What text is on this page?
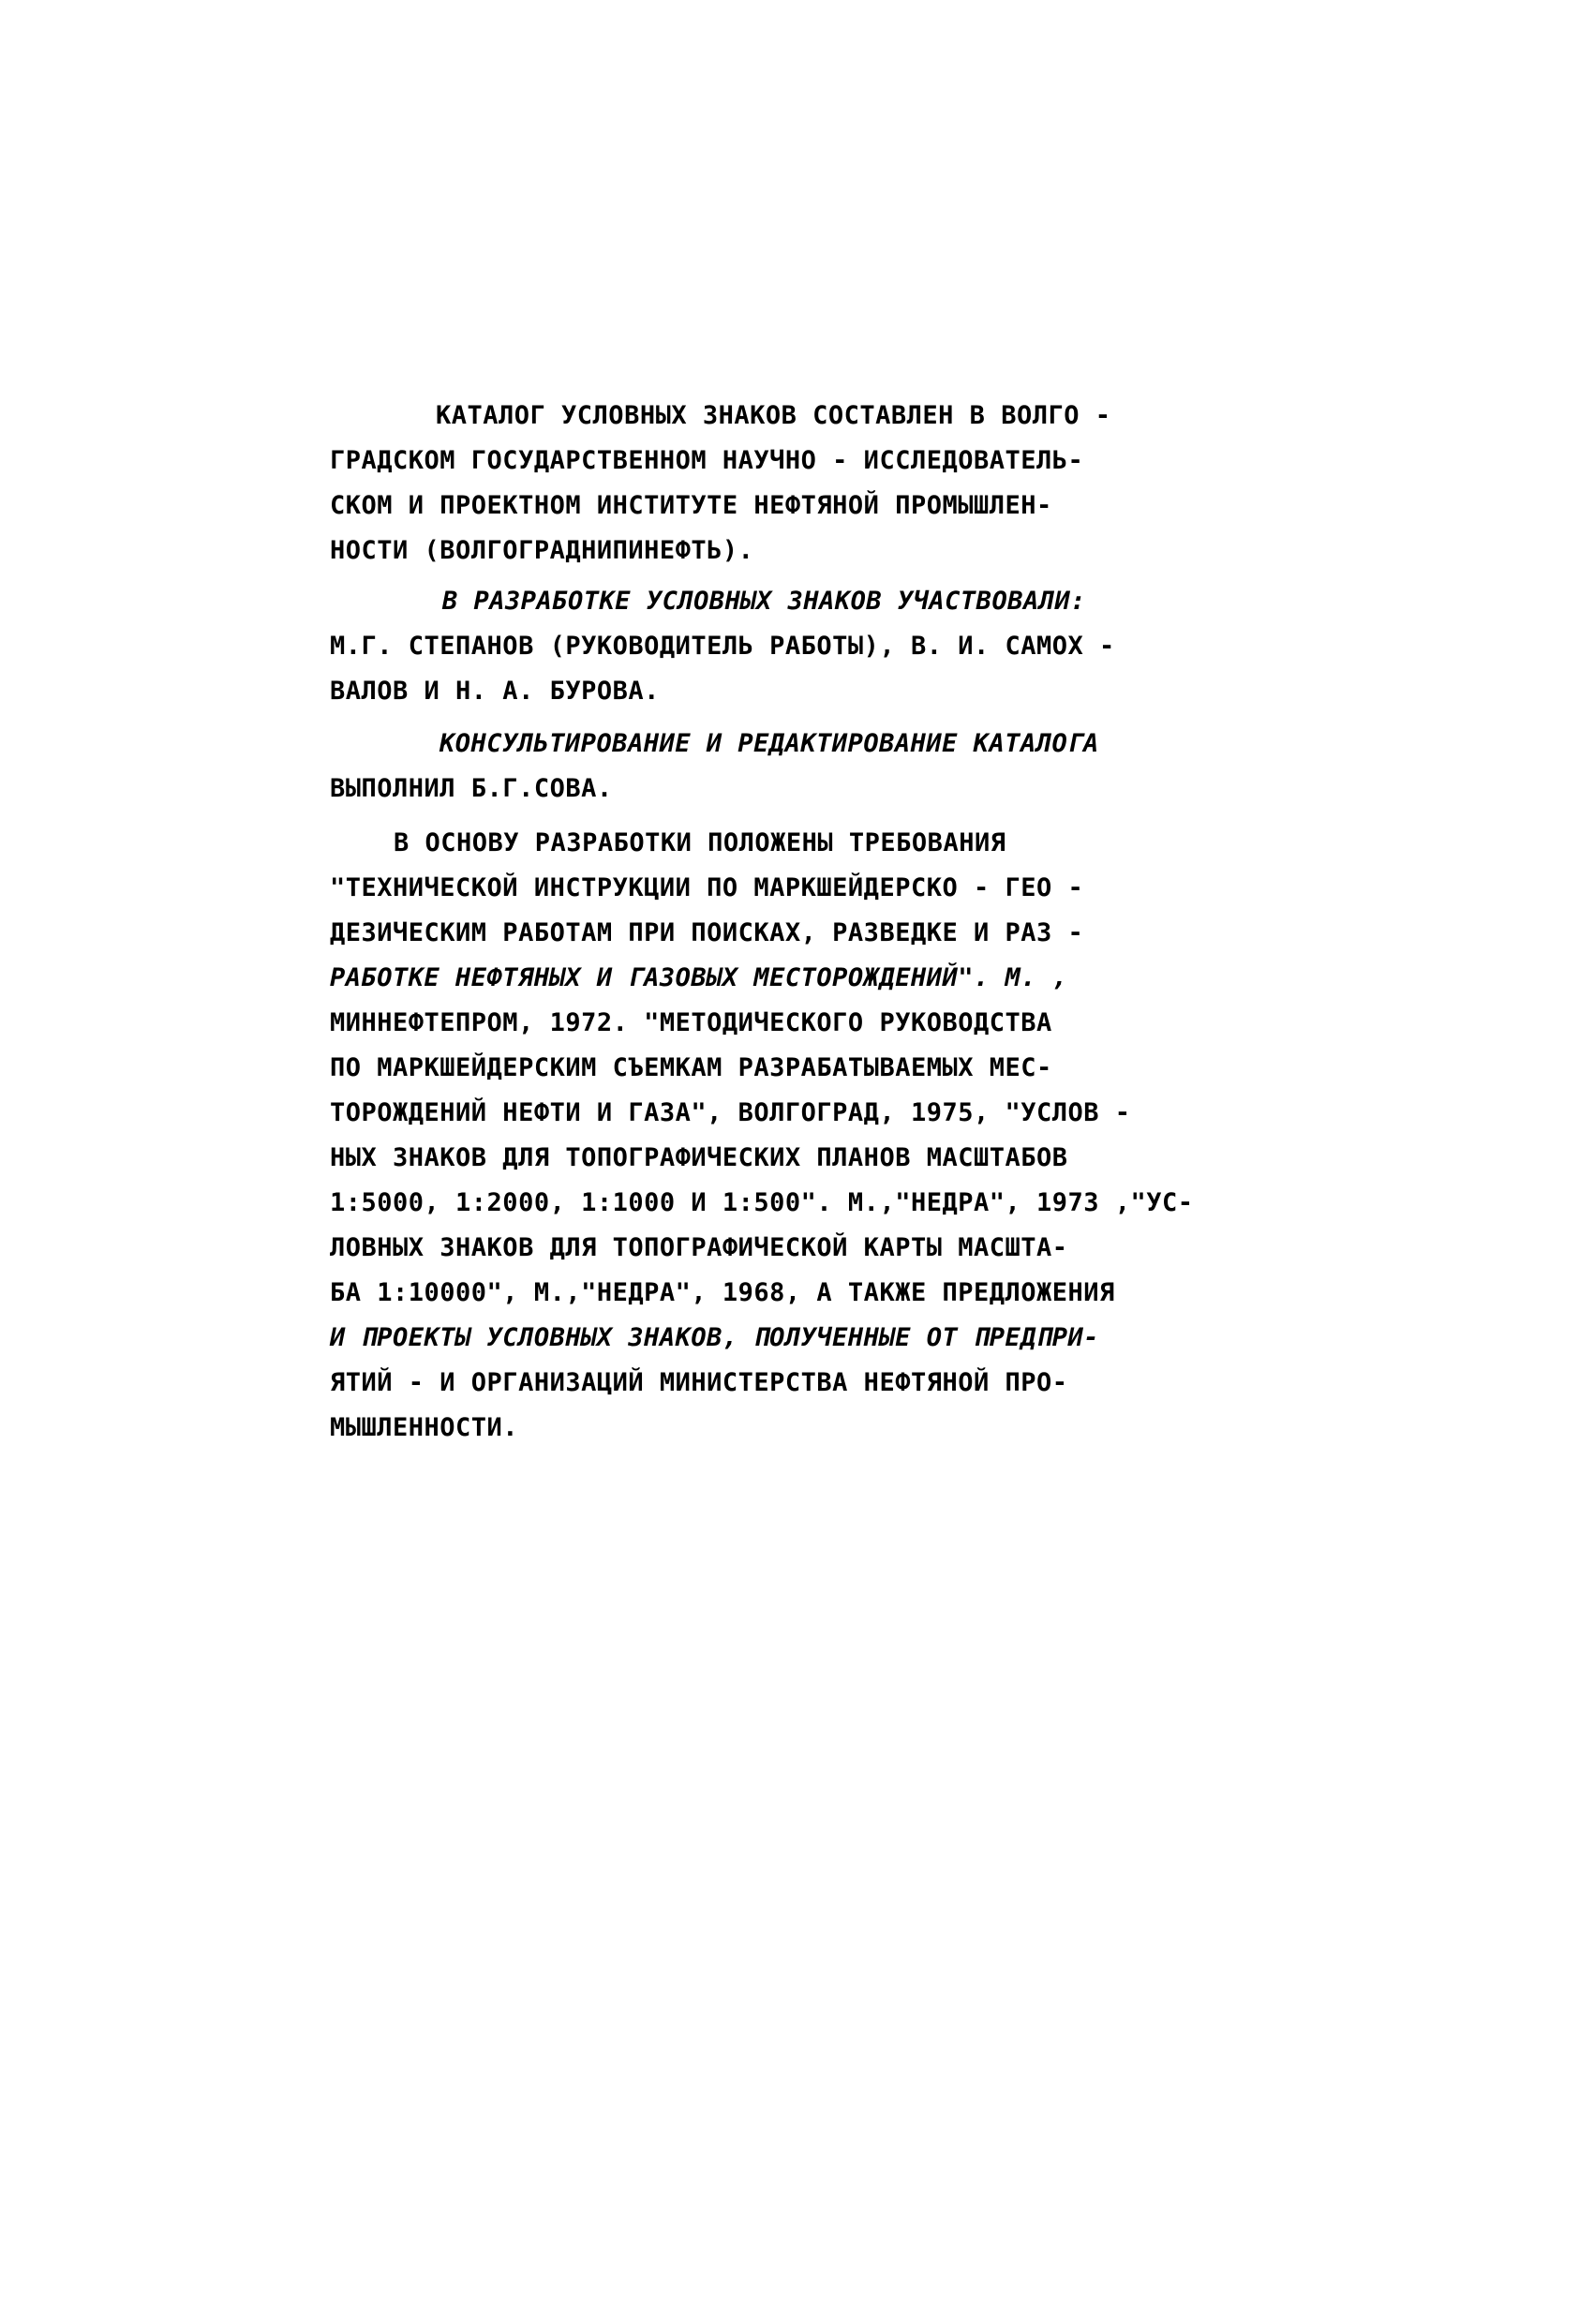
КАТАЛОГ УСЛОВНЫХ ЗНАКОВ СОСТАВЛЕН В ВОЛГО -
ГРАДСКОМ ГОСУДАРСТВЕННОМ НАУЧНО - ИССЛЕДОВАТЕЛЬ-
СКОМ И ПРОЕКТНОМ ИНСТИТУТЕ НЕФТЯНОЙ ПРОМЫШЛЕН-
НОСТИ (ВОЛГОГРАДНИПИНЕФТЬ).
В РАЗРАБОТКЕ УСЛОВНЫХ ЗНАКОВ УЧАСТВОВАЛИ:
М.Г. СТЕПАНОВ (РУКОВОДИТЕЛЬ РАБОТЫ), В. И. САМОХ -
ВАЛОВ И Н. А. БУРОВА.
КОНСУЛЬТИРОВАНИЕ И РЕДАКТИРОВАНИЕ КАТАЛОГА
ВЫПОЛНИЛ Б.Г.СОВА.
В ОСНОВУ РАЗРАБОТКИ ПОЛОЖЕНЫ ТРЕБОВАНИЯ
"ТЕХНИЧЕСКОЙ ИНСТРУКЦИИ ПО МАРКШЕЙДЕРСКО - ГЕО -
ДЕЗИЧЕСКИМ РАБОТАМ ПРИ ПОИСКАХ, РАЗВЕДКЕ И РАЗ -
РАБОТКЕ НЕФТЯНЫХ И ГАЗОВЫХ МЕСТОРОЖДЕНИЙ". М. ,
МИННЕФТЕПРОМ, 1972. "МЕТОДИЧЕСКОГО РУКОВОДСТВА
ПО МАРКШЕЙДЕРСКИМ СЪЕМКАМ РАЗРАБАТЫВАЕМЫХ МЕС-
ТОРОЖДЕНИЙ НЕФТИ И ГАЗА", ВОЛГОГРАД, 1975, "УСЛОВ -
НЫХ ЗНАКОВ ДЛЯ ТОПОГРАФИЧЕСКИХ ПЛАНОВ МАСШТАБОВ
1:5000, 1:2000, 1:1000 И 1:500". М.,"НЕДРА", 1973 ,"УС-
ЛОВНЫХ ЗНАКОВ ДЛЯ ТОПОГРАФИЧЕСКОЙ КАРТЫ МАСШТА-
БА 1:10000", М.,"НЕДРА", 1968, А ТАКЖЕ ПРЕДЛОЖЕНИЯ
И ПРОЕКТЫ УСЛОВНЫХ ЗНАКОВ, ПОЛУЧЕННЫЕ ОТ ПРЕДПРИ-
ЯТИЙ - И ОРГАНИЗАЦИЙ МИНИСТЕРСТВА НЕФТЯНОЙ ПРО-
МЫШЛЕННОСТИ.
